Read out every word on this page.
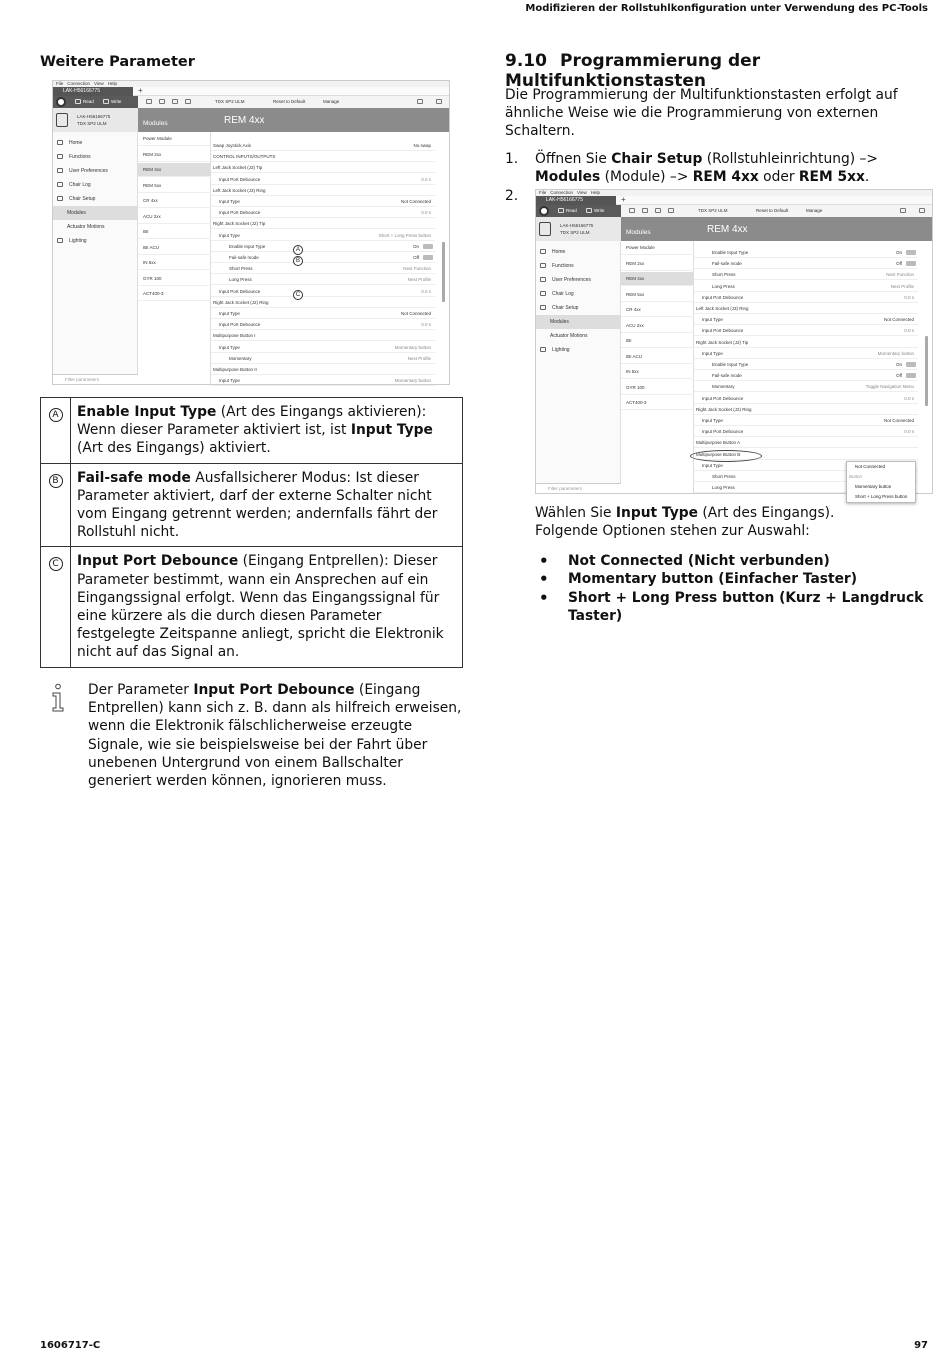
Modifizieren der Rollstuhlkonfiguration unter Verwendung des PC-Tools
1606717-C	97
Weitere Parameter
File Connection View Help
LAK-H56166775	+
Read	Write	TDX SP2 ULM	Reset to Default	Manage
LAK-H56166775
TDX SP2 ULM	Modules	REM 4xx
Home
Functions
User Preferences
Chair Log
Chair Setup
Modules
Actuator Motions
Lighting
Filter parameters
Power Module
REM 2xx
REM 4xx
REM 5xx
CR 4xx
ACU 2xx
IBI
IBI ACU
IN 5xx
GYR 100
ACT400-3
Swap Joystick Axis	No swap
CONTROL INPUTS/OUTPUTS
Left Jack Socket (J3) Tip
Input Port Debounce	0.0 s
Left Jack Socket (J3) Ring
Input Type	Not Connected
Input Port Debounce	0.0 s
Right Jack Socket (J2) Tip
Input Type	Short + Long Press button
Enable Input Type	On
Fail-safe mode	Off
Short Press	Next Function
Long Press	Next Profile
Input Port Debounce	0.0 s
Right Jack Socket (J2) Ring
Input Type	Not Connected
Input Port Debounce	0.0 s
Multipurpose Button I
Input Type	Momentary button
Momentary	Next Profile
Multipurpose Button II
Input Type	Momentary button
A
B
C
A	Enable Input Type (Art des Eingangs aktivieren): Wenn dieser Parameter aktiviert ist, ist Input Type (Art des Eingangs) aktiviert.
B	Fail-safe mode Ausfallsicherer Modus: Ist dieser Parameter aktiviert, darf der externe Schalter nicht vom Eingang getrennt werden; andernfalls fährt der Rollstuhl nicht.
C	Input Port Debounce (Eingang Entprellen): Dieser Parameter bestimmt, wann ein Ansprechen auf ein Eingangssignal erfolgt. Wenn das Eingangssignal für eine kürzere als die durch diesen Parameter festgelegte Zeitspanne anliegt, spricht die Elektronik nicht auf das Signal an.
Der Parameter Input Port Debounce (Eingang Entprellen) kann sich z. B. dann als hilfreich erweisen, wenn die Elektronik fälschlicherweise erzeugte Signale, wie sie beispielsweise bei der Fahrt über unebenen Untergrund von einem Ballschalter generiert werden können, ignorieren muss.
9.10 Programmierung der Multifunktionstasten
Die Programmierung der Multifunktionstasten erfolgt auf ähnliche Weise wie die Programmierung von externen Schaltern.
1. Öffnen Sie Chair Setup (Rollstuhleinrichtung) –> Modules (Module) –> REM 4xx oder REM 5xx.
2.	File Connection View Help
LAK-H56166775	+
Read	Write	TDX SP2 ULM	Reset to Default	Manage
LAK-H56166775
TDX SP2 ULM	Modules	REM 4xx
Home
Functions
User Preferences
Chair Log
Chair Setup
Modules
Actuator Motions
Lighting
Filter parameters
Power Module
REM 2xx
REM 4xx
REM 5xx
CR 4xx
ACU 2xx
IBI
IBI ACU
IN 5xx
GYR 100
ACT400-3
Enable Input Type	On
Fail-safe mode	Off
Short Press	Next Function
Long Press	Next Profile
Input Port Debounce	0.0 s
Left Jack Socket (J3) Ring
Input Type	Not Connected
Input Port Debounce	0.0 s
Right Jack Socket (J2) Tip
Input Type	Momentary button
Enable Input Type	On
Fail-safe mode	Off
Momentary	Toggle Navigation Menu
Input Port Debounce	0.0 s
Right Jack Socket (J2) Ring
Input Type	Not Connected
Input Port Debounce	0.0 s
Multipurpose Button A
Multipurpose Button B
Input Type
Short Press
Long Press
Not Connected
Button
Momentary button
Short + Long Press button
Wählen Sie Input Type (Art des Eingangs).
Folgende Optionen stehen zur Auswahl:
• Not Connected (Nicht verbunden)
• Momentary button (Einfacher Taster)
• Short + Long Press button (Kurz + Langdruck Taster)
